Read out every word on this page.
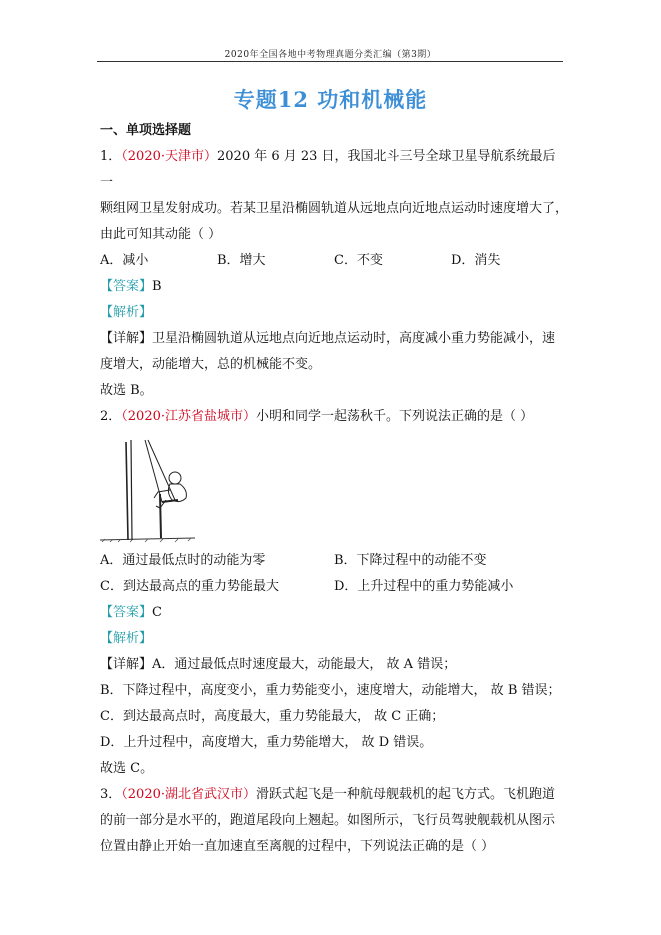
2020年全国各地中考物理真题分类汇编（第3期）
专题12 功和机械能

一、单项选择题

1．（2020·天津市）2020 年 6 月 23 日，我国北斗三号全球卫星导航系统最后一

颗组网卫星发射成功。若某卫星沿椭圆轨道从远地点向近地点运动时速度增大了，

由此可知其动能（ ）

A．减小	B．增大	C．不变	D．消失

【答案】B

【解析】

【详解】卫星沿椭圆轨道从远地点向近地点运动时，高度减小重力势能减小，速

度增大，动能增大，总的机械能不变。

故选 B。

2．（2020·江苏省盐城市）小明和同学一起荡秋千。下列说法正确的是（ ）

A．通过最低点时的动能为零	B．下降过程中的动能不变
C．到达最高点的重力势能最大	D．上升过程中的重力势能减小

【答案】C

【解析】

【详解】A．通过最低点时速度最大，动能最大， 故 A 错误；

B．下降过程中，高度变小，重力势能变小，速度增大，动能增大， 故 B 错误；

C．到达最高点时，高度最大，重力势能最大， 故 C 正确；

D．上升过程中，高度增大，重力势能增大， 故 D 错误。

故选 C。

3．（2020·湖北省武汉市）滑跃式起飞是一种航母舰载机的起飞方式。飞机跑道

的前一部分是水平的，跑道尾段向上翘起。如图所示，飞行员驾驶舰载机从图示

位置由静止开始一直加速直至离舰的过程中，下列说法正确的是（ ）
